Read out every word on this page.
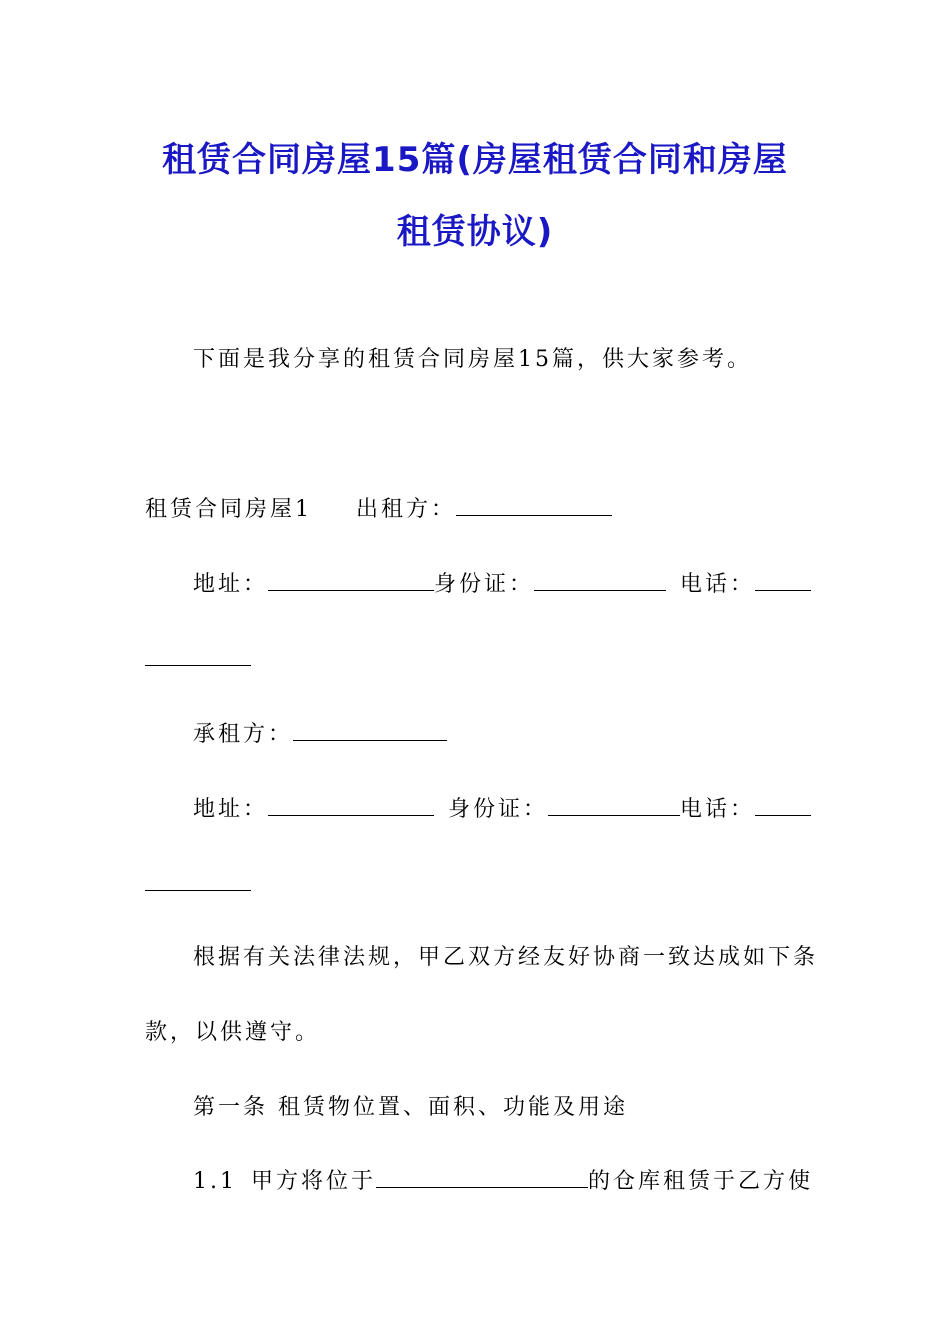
租赁合同房屋15篇(房屋租赁合同和房屋
租赁协议)
下面是我分享的租赁合同房屋15篇，供大家参考。
租赁合同房屋1 出租方：
地址：	身份证：	电话：
承租方：
地址：	身份证：	电话：
根据有关法律法规，甲乙双方经友好协商一致达成如下条
款，以供遵守。
第一条 租赁物位置、面积、功能及用途
1.1 甲方将位于	的仓库租赁于乙方使
